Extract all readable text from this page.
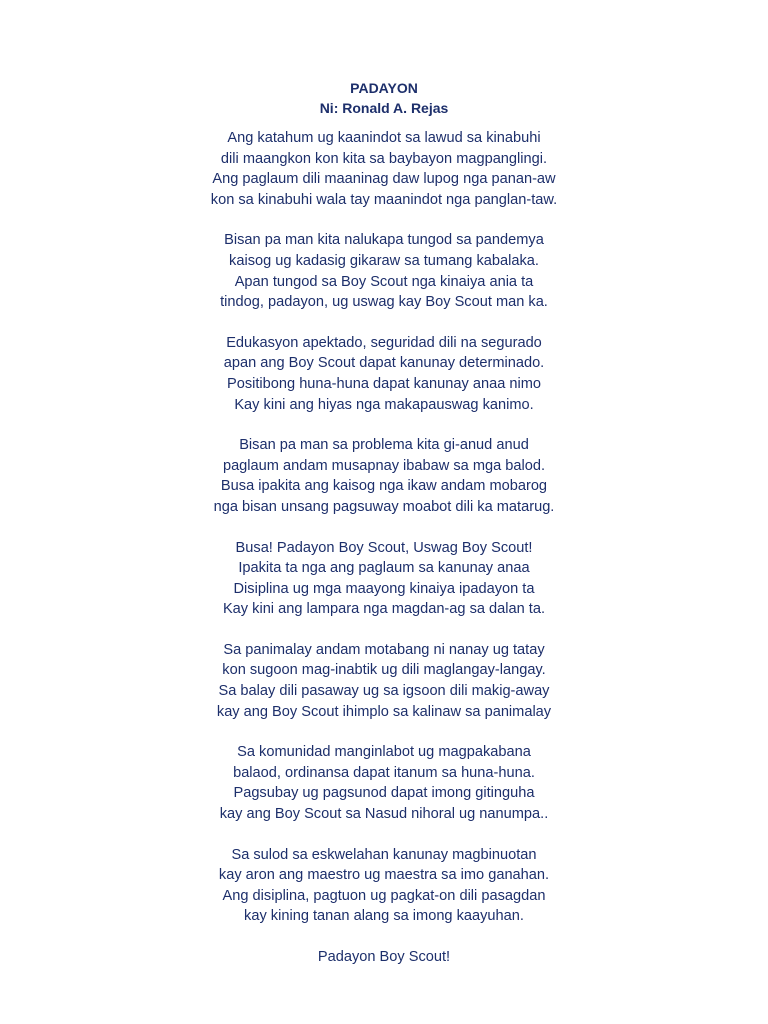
PADAYON
Ni: Ronald A. Rejas
Ang katahum ug kaanindot sa lawud sa kinabuhi
dili maangkon kon kita sa baybayon magpanglingi.
Ang paglaum dili maaninag daw lupog nga panan-aw
kon sa kinabuhi wala tay maanindot nga panglan-taw.
Bisan pa man kita nalukapa tungod sa pandemya
kaisog ug kadasig gikaraw sa tumang kabalaka.
Apan tungod sa Boy Scout nga kinaiya ania ta
tindog, padayon, ug uswag kay Boy Scout man ka.
Edukasyon apektado, seguridad dili na segurado
apan ang Boy Scout dapat kanunay determinado.
Positibong huna-huna dapat kanunay anaa nimo
Kay kini ang hiyas nga makapauswag kanimo.
Bisan pa man sa problema kita gi-anud anud
paglaum andam musapnay ibabaw sa mga balod.
Busa ipakita ang kaisog nga ikaw andam mobarog
nga bisan unsang pagsuway moabot dili ka matarug.
Busa! Padayon Boy Scout, Uswag Boy Scout!
Ipakita ta nga ang paglaum sa kanunay anaa
Disiplina ug mga maayong kinaiya ipadayon ta
Kay kini ang lampara nga magdan-ag sa dalan ta.
Sa panimalay andam motabang ni nanay ug tatay
kon sugoon mag-inabtik ug dili maglangay-langay.
Sa balay dili pasaway ug sa igsoon dili makig-away
kay ang Boy Scout ihimplo sa kalinaw sa panimalay
Sa komunidad manginlabot ug magpakabana
balaod, ordinansa dapat itanum sa huna-huna.
Pagsubay ug pagsunod dapat imong gitinguha
kay ang Boy Scout sa Nasud nihoral ug nanumpa..
Sa sulod sa eskwelahan kanunay magbinuotan
kay aron ang maestro ug maestra sa imo ganahan.
Ang disiplina, pagtuon ug pagkat-on dili pasagdan
kay kining tanan alang sa imong kaayuhan.
Padayon Boy Scout!
